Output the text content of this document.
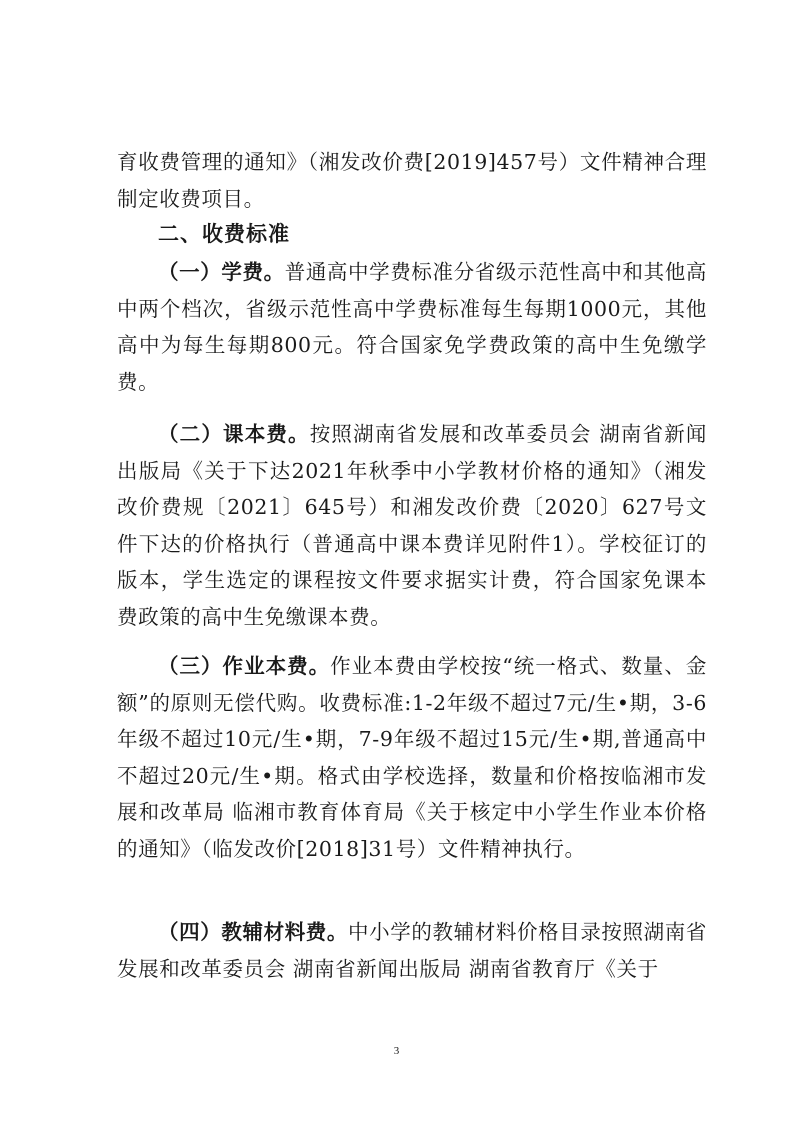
育收费管理的通知》（湘发改价费[2019]457号）文件精神合理制定收费项目。

二、收费标准

（一）学费。普通高中学费标准分省级示范性高中和其他高中两个档次，省级示范性高中学费标准每生每期1000元，其他高中为每生每期800元。符合国家免学费政策的高中生免缴学费。

（二）课本费。按照湖南省发展和改革委员会 湖南省新闻出版局《关于下达2021年秋季中小学教材价格的通知》（湘发改价费规〔2021〕645号）和湘发改价费〔2020〕627号文件下达的价格执行（普通高中课本费详见附件1）。学校征订的版本，学生选定的课程按文件要求据实计费，符合国家免课本费政策的高中生免缴课本费。

（三）作业本费。作业本费由学校按“统一格式、数量、金额”的原则无偿代购。收费标准:1-2年级不超过7元/生•期，3-6年级不超过10元/生•期，7-9年级不超过15元/生•期,普通高中不超过20元/生•期。格式由学校选择，数量和价格按临湘市发展和改革局 临湘市教育体育局《关于核定中小学生作业本价格的通知》（临发改价[2018]31号）文件精神执行。

（四）教辅材料费。中小学的教辅材料价格目录按照湖南省发展和改革委员会 湖南省新闻出版局 湖南省教育厅《关于

3
